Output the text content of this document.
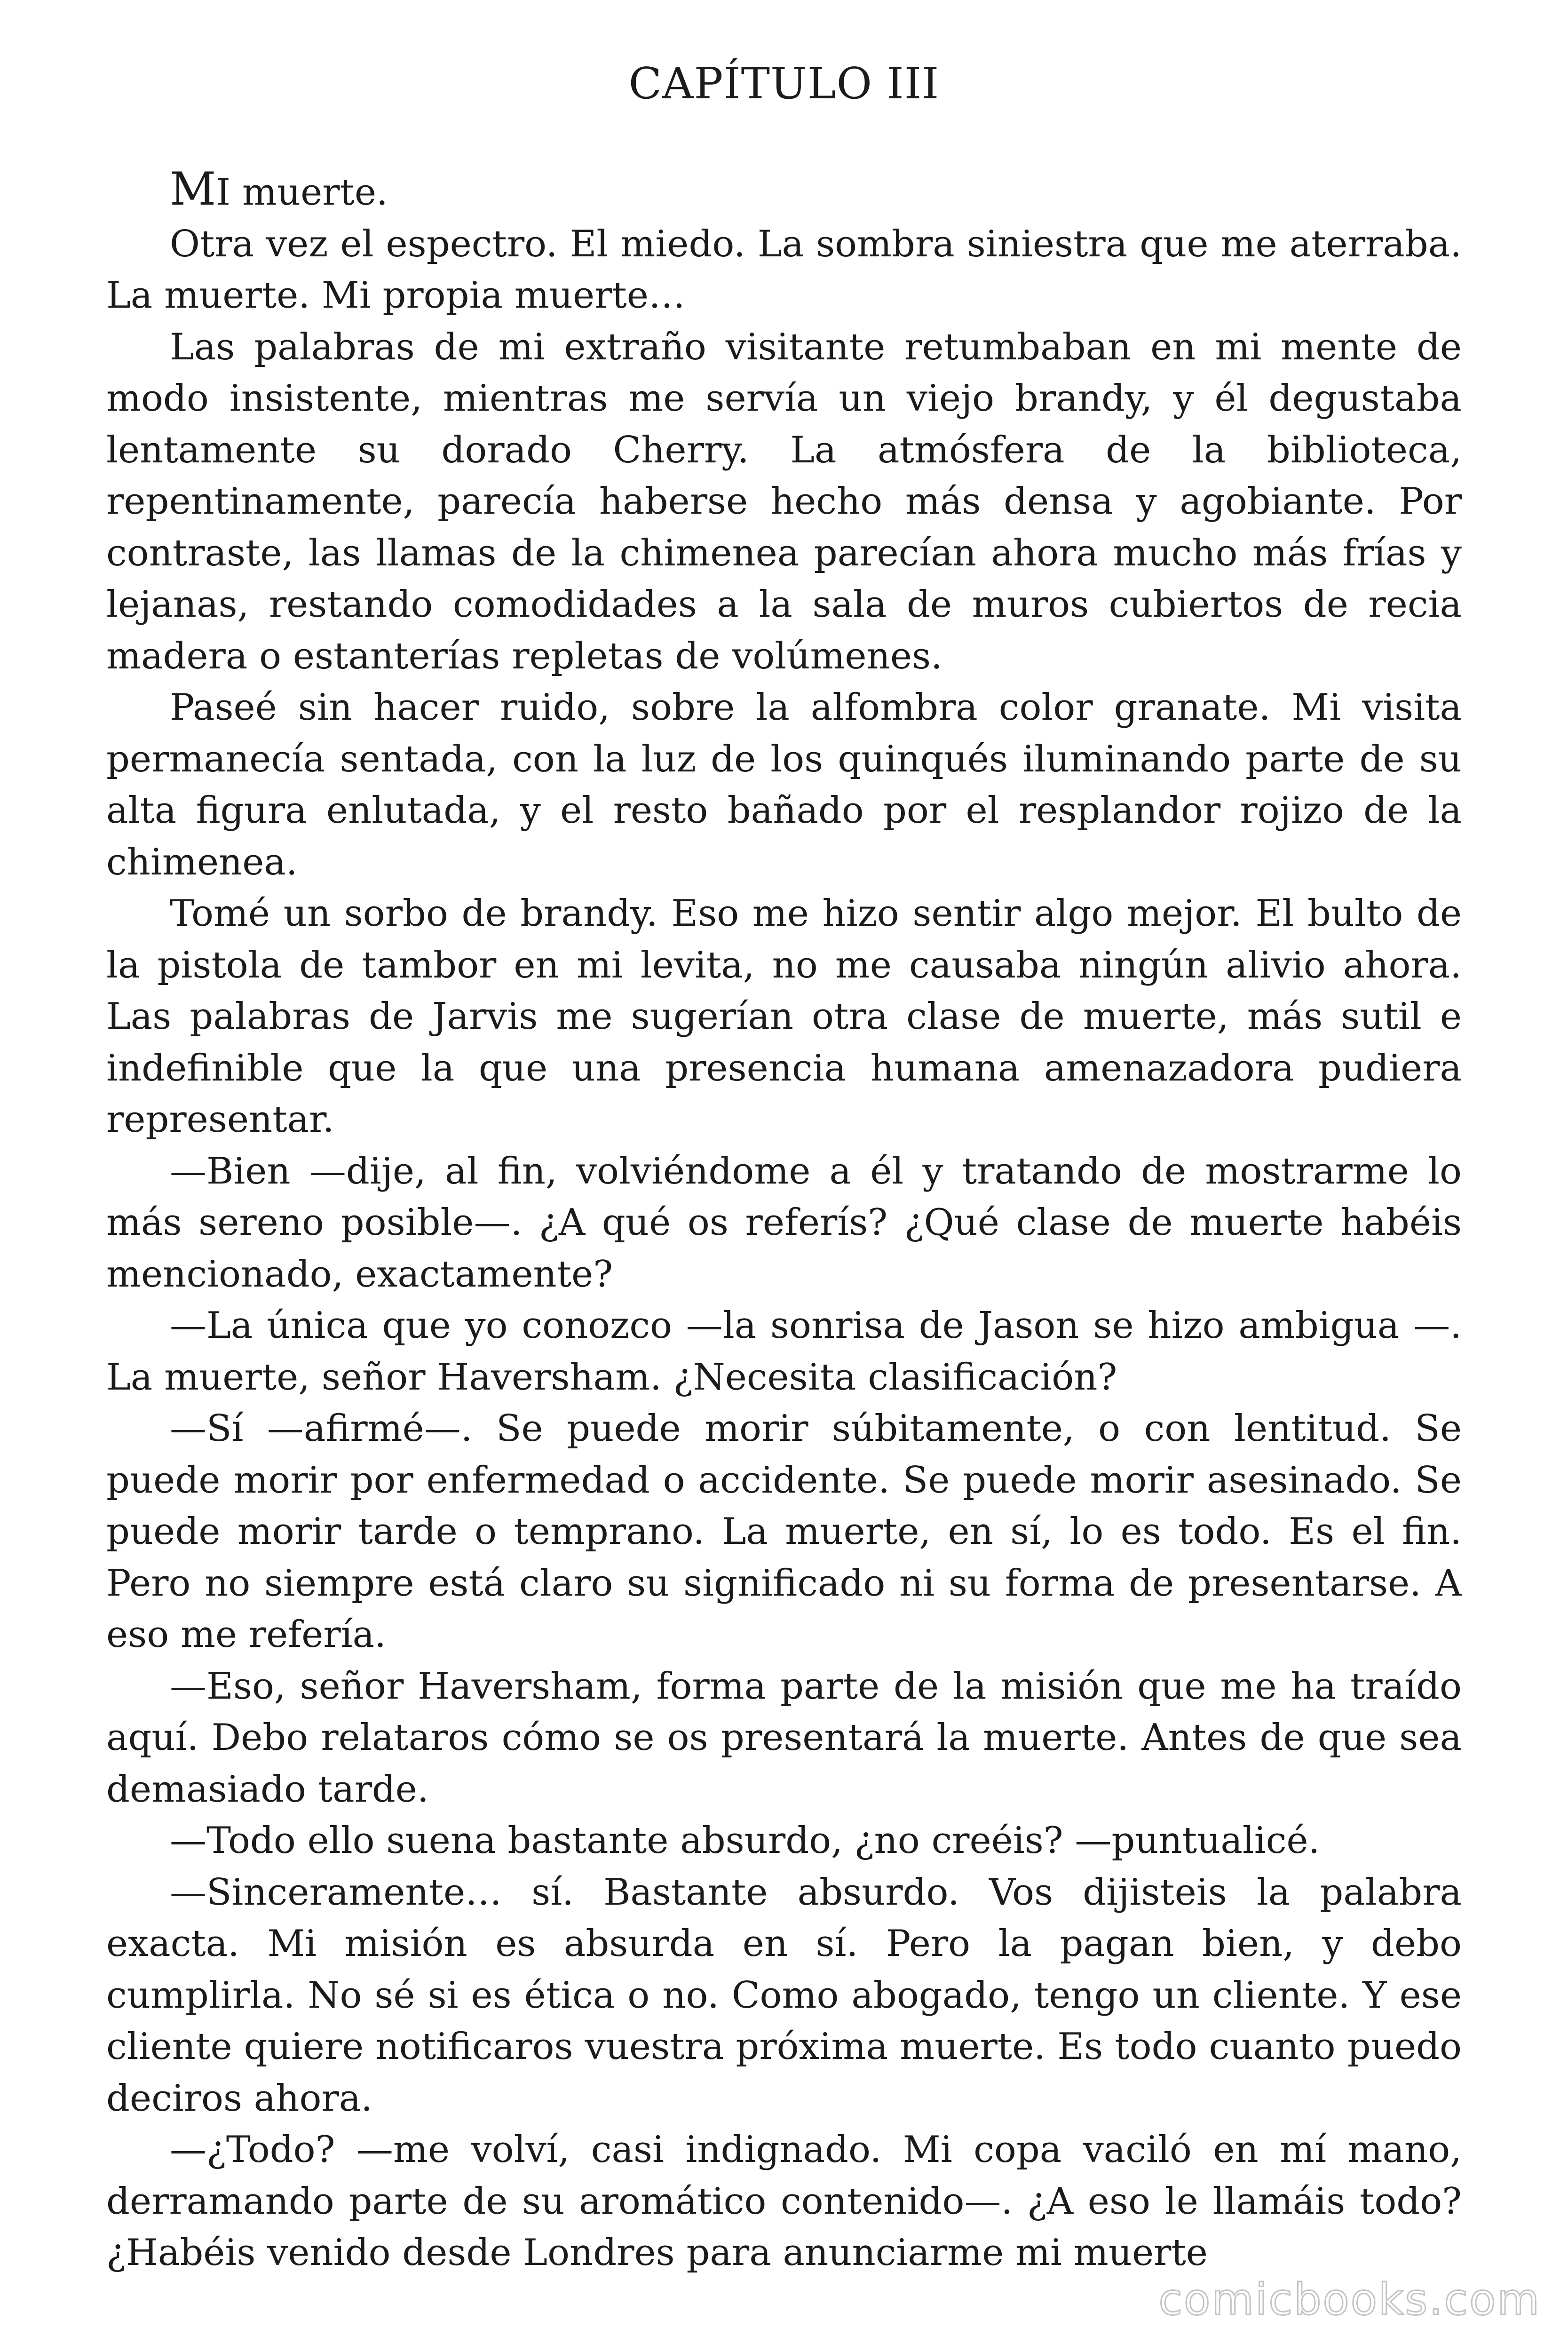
CAPÍTULO III

MI muerte.

Otra vez el espectro. El miedo. La sombra siniestra que me aterraba. La muerte. Mi propia muerte…

Las palabras de mi extraño visitante retumbaban en mi mente de modo insistente, mientras me servía un viejo brandy, y él degustaba lentamente su dorado Cherry. La atmósfera de la biblioteca, repentinamente, parecía haberse hecho más densa y agobiante. Por contraste, las llamas de la chimenea parecían ahora mucho más frías y lejanas, restando comodidades a la sala de muros cubiertos de recia madera o estanterías repletas de volúmenes.

Paseé sin hacer ruido, sobre la alfombra color granate. Mi visita permanecía sentada, con la luz de los quinqués iluminando parte de su alta figura enlutada, y el resto bañado por el resplandor rojizo de la chimenea.

Tomé un sorbo de brandy. Eso me hizo sentir algo mejor. El bulto de la pistola de tambor en mi levita, no me causaba ningún alivio ahora. Las palabras de Jarvis me sugerían otra clase de muerte, más sutil e indefinible que la que una presencia humana amenazadora pudiera representar.

—Bien —dije, al fin, volviéndome a él y tratando de mostrarme lo más sereno posible—. ¿A qué os referís? ¿Qué clase de muerte habéis mencionado, exactamente?

—La única que yo conozco —la sonrisa de Jason se hizo ambigua —. La muerte, señor Haversham. ¿Necesita clasificación?

—Sí —afirmé—. Se puede morir súbitamente, o con lentitud. Se puede morir por enfermedad o accidente. Se puede morir asesinado. Se puede morir tarde o temprano. La muerte, en sí, lo es todo. Es el fin. Pero no siempre está claro su significado ni su forma de presentarse. A eso me refería.

—Eso, señor Haversham, forma parte de la misión que me ha traído aquí. Debo relataros cómo se os presentará la muerte. Antes de que sea demasiado tarde.

—Todo ello suena bastante absurdo, ¿no creéis? —puntualicé.

—Sinceramente… sí. Bastante absurdo. Vos dijisteis la palabra exacta. Mi misión es absurda en sí. Pero la pagan bien, y debo cumplirla. No sé si es ética o no. Como abogado, tengo un cliente. Y ese cliente quiere notificaros vuestra próxima muerte. Es todo cuanto puedo deciros ahora.

—¿Todo? —me volví, casi indignado. Mi copa vaciló en mí mano, derramando parte de su aromático contenido—. ¿A eso le llamáis todo? ¿Habéis venido desde Londres para anunciarme mi muerte

comicbooks.com
